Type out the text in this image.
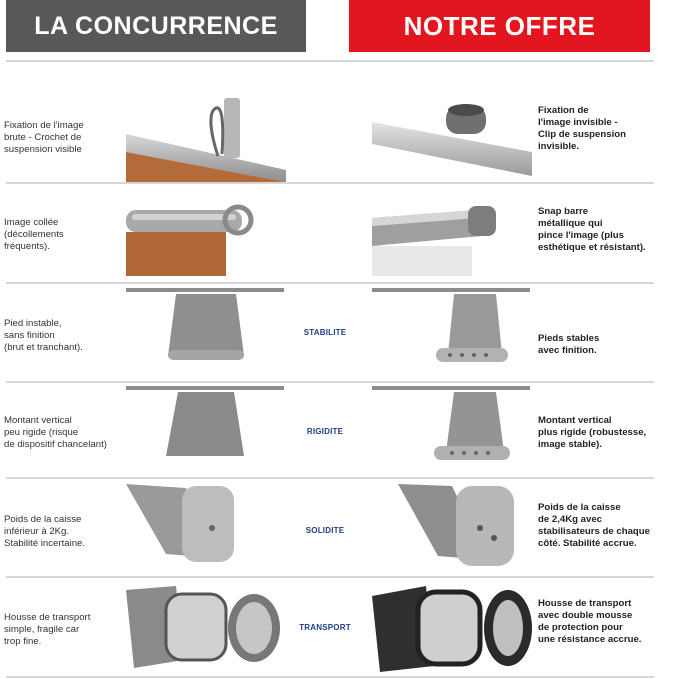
LA CONCURRENCE	NOTRE OFFRE
Fixation de l'image
brute - Crochet de
suspension visible
Fixation de
l'image invisible -
Clip de suspension
invisible.
Image collée
(décollements
fréquents).
Snap barre
métallique qui
pince l'image (plus
esthétique et résistant).
Pied instable,
sans finition
(brut et tranchant).
STABILITE
Pieds stables
avec finition.
Montant vertical
peu rigide (risque
de dispositif chancelant)
RIGIDITE
Montant vertical
plus rigide (robustesse,
image stable).
Poids de la caisse
inférieur à 2Kg.
Stabilité incertaine.
SOLIDITE
Poids de la caisse
de 2,4Kg avec
stabilisateurs de chaque
côté. Stabilité accrue.
Housse de transport
simple, fragile car
trop fine.
TRANSPORT
Housse de transport
avec double mousse
de protection pour
une résistance accrue.
